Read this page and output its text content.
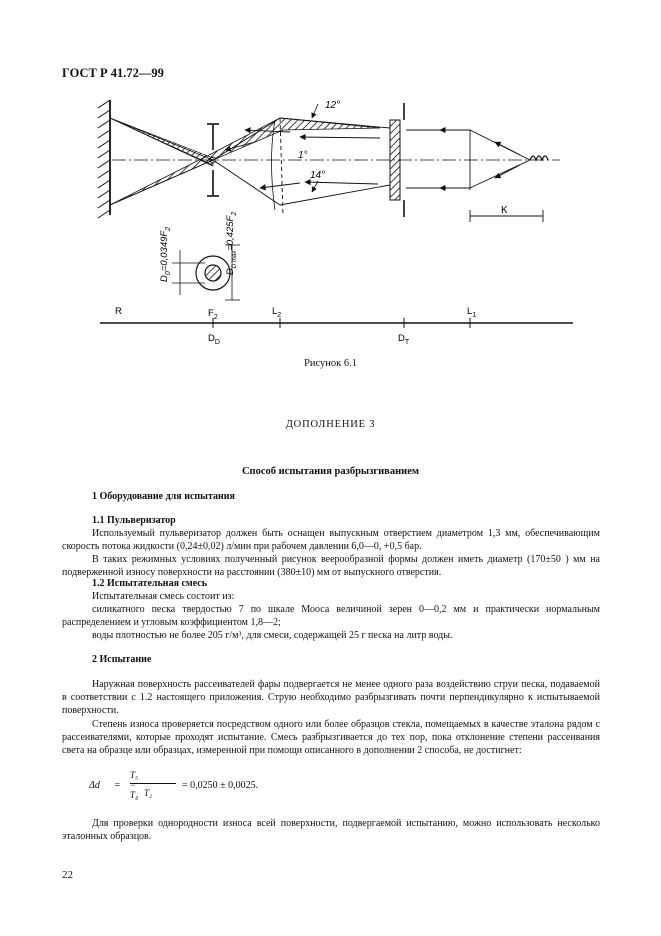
ГОСТ Р 41.72—99
12°
1°
14°
K
$D_0=0,0349F_2$
$D_{D max}=0,425F_2$
R	$F_2$
$L_2$	$L_1$
$D_D$	$D_T$
Рисунок 6.1
ДОПОЛНЕНИЕ 3
Способ испытания разбрызгиванием
1 Оборудование для испытания
1.1 Пульверизатор
Используемый пульверизатор должен быть оснащен выпускным отверстием диаметром 1,3 мм, обеспечивающим скорость потока жидкости (0,24±0,02) л/мин при рабочем давлении 6,0—0, +0,5 бар.
В таких режимных условиях полученный рисунок веерообразной формы должен иметь диаметр (170±50 ) мм на подверженной износу поверхности на расстоянии (380±10) мм от выпускного отверстия.
1.2 Испытательная смесь
Испытательная смесь состоит из:
силикатного песка твердостью 7 по шкале Мооса величиной зерен 0—0,2 мм и практически нормальным распределением и угловым коэффициентом 1,8—2;
воды плотностью не более 205 г/м³, для смеси, содержащей 25 г песка на литр воды.
2 Испытание
Наружная поверхность рассеивателей фары подвергается не менее одного раза воздействию струи песка, подаваемой в соответствии с 1.2 настоящего приложения. Струю необходимо разбрызгивать почти перпендикулярно к испытываемой поверхности.
Степень износа проверяется посредством одного или более образцов стекла, помещаемых в качестве эталона рядом с рассеивателями, которые проходят испытание. Смесь разбрызгивается до тех пор, пока отклонение степени рассеивания света на образце или образцах, измеренной при помощи описанного в дополнении 2 способа, не достигнет:
Δd =
T₅ − T₄ T₂
= 0,0250 ± 0,0025.
Для проверки однородности износа всей поверхности, подвергаемой испытанию, можно использовать несколько эталонных образцов.
22
